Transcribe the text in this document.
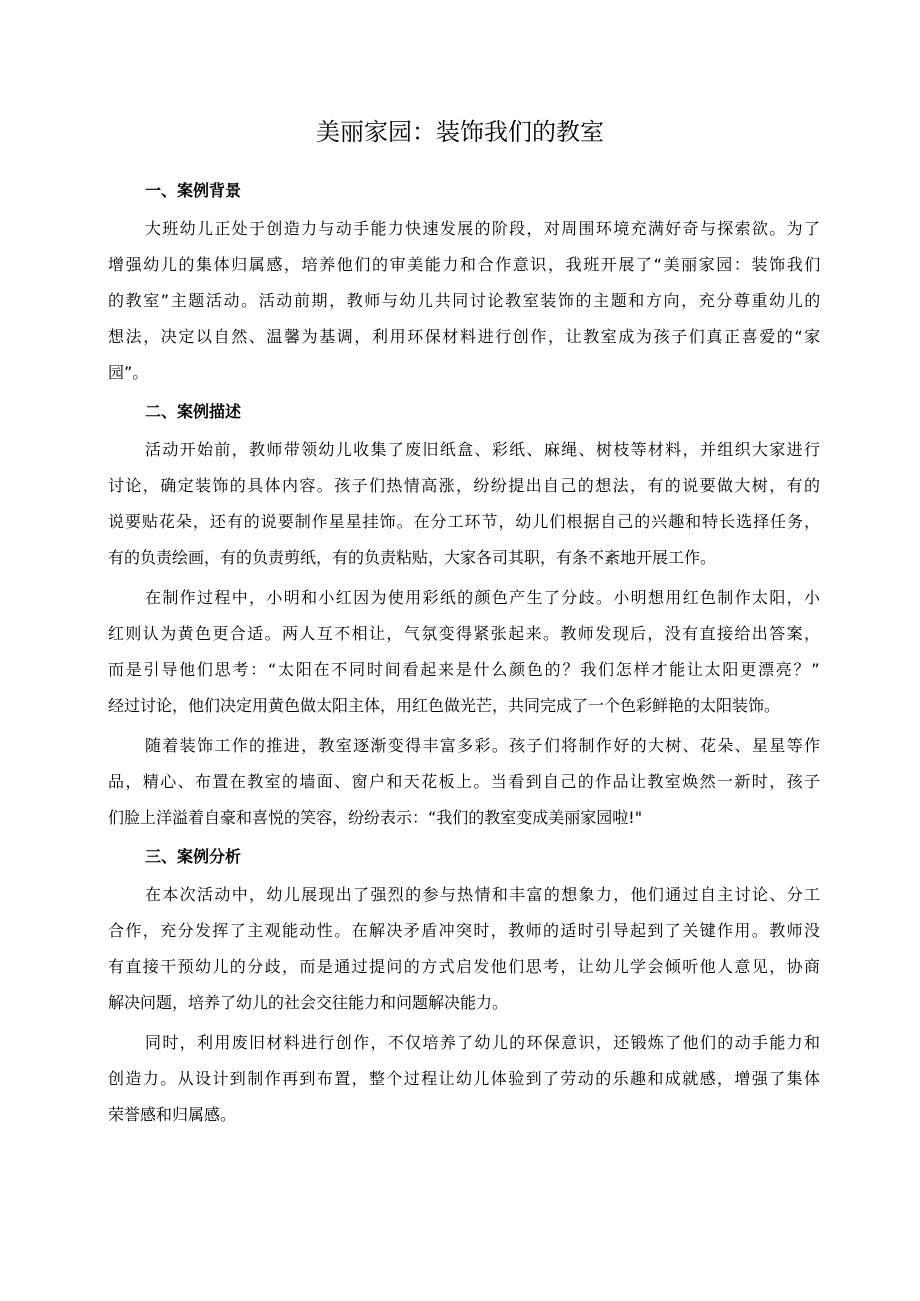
美丽家园：装饰我们的教室
一、案例背景
大班幼儿正处于创造力与动手能力快速发展的阶段，对周围环境充满好奇与探索欲。为了
增强幼儿的集体归属感，培养他们的审美能力和合作意识，我班开展了“美丽家园：装饰我们
的教室”主题活动。活动前期，教师与幼儿共同讨论教室装饰的主题和方向，充分尊重幼儿的
想法，决定以自然、温馨为基调，利用环保材料进行创作，让教室成为孩子们真正喜爱的“家
园”。
二、案例描述
活动开始前，教师带领幼儿收集了废旧纸盒、彩纸、麻绳、树枝等材料，并组织大家进行
讨论，确定装饰的具体内容。孩子们热情高涨，纷纷提出自己的想法，有的说要做大树，有的
说要贴花朵，还有的说要制作星星挂饰。在分工环节，幼儿们根据自己的兴趣和特长选择任务，
有的负责绘画，有的负责剪纸，有的负责粘贴，大家各司其职，有条不紊地开展工作。
在制作过程中，小明和小红因为使用彩纸的颜色产生了分歧。小明想用红色制作太阳，小
红则认为黄色更合适。两人互不相让，气氛变得紧张起来。教师发现后，没有直接给出答案，
而是引导他们思考：“太阳在不同时间看起来是什么颜色的？我们怎样才能让太阳更漂亮？”
经过讨论，他们决定用黄色做太阳主体，用红色做光芒，共同完成了一个色彩鲜艳的太阳装饰。
随着装饰工作的推进，教室逐渐变得丰富多彩。孩子们将制作好的大树、花朵、星星等作
品，精心、布置在教室的墙面、窗户和天花板上。当看到自己的作品让教室焕然一新时，孩子
们脸上洋溢着自豪和喜悦的笑容，纷纷表示：“我们的教室变成美丽家园啦!"
三、案例分析
在本次活动中，幼儿展现出了强烈的参与热情和丰富的想象力，他们通过自主讨论、分工
合作，充分发挥了主观能动性。在解决矛盾冲突时，教师的适时引导起到了关键作用。教师没
有直接干预幼儿的分歧，而是通过提问的方式启发他们思考，让幼儿学会倾听他人意见，协商
解决问题，培养了幼儿的社会交往能力和问题解决能力。
同时，利用废旧材料进行创作，不仅培养了幼儿的环保意识，还锻炼了他们的动手能力和
创造力。从设计到制作再到布置，整个过程让幼儿体验到了劳动的乐趣和成就感，增强了集体
荣誉感和归属感。
